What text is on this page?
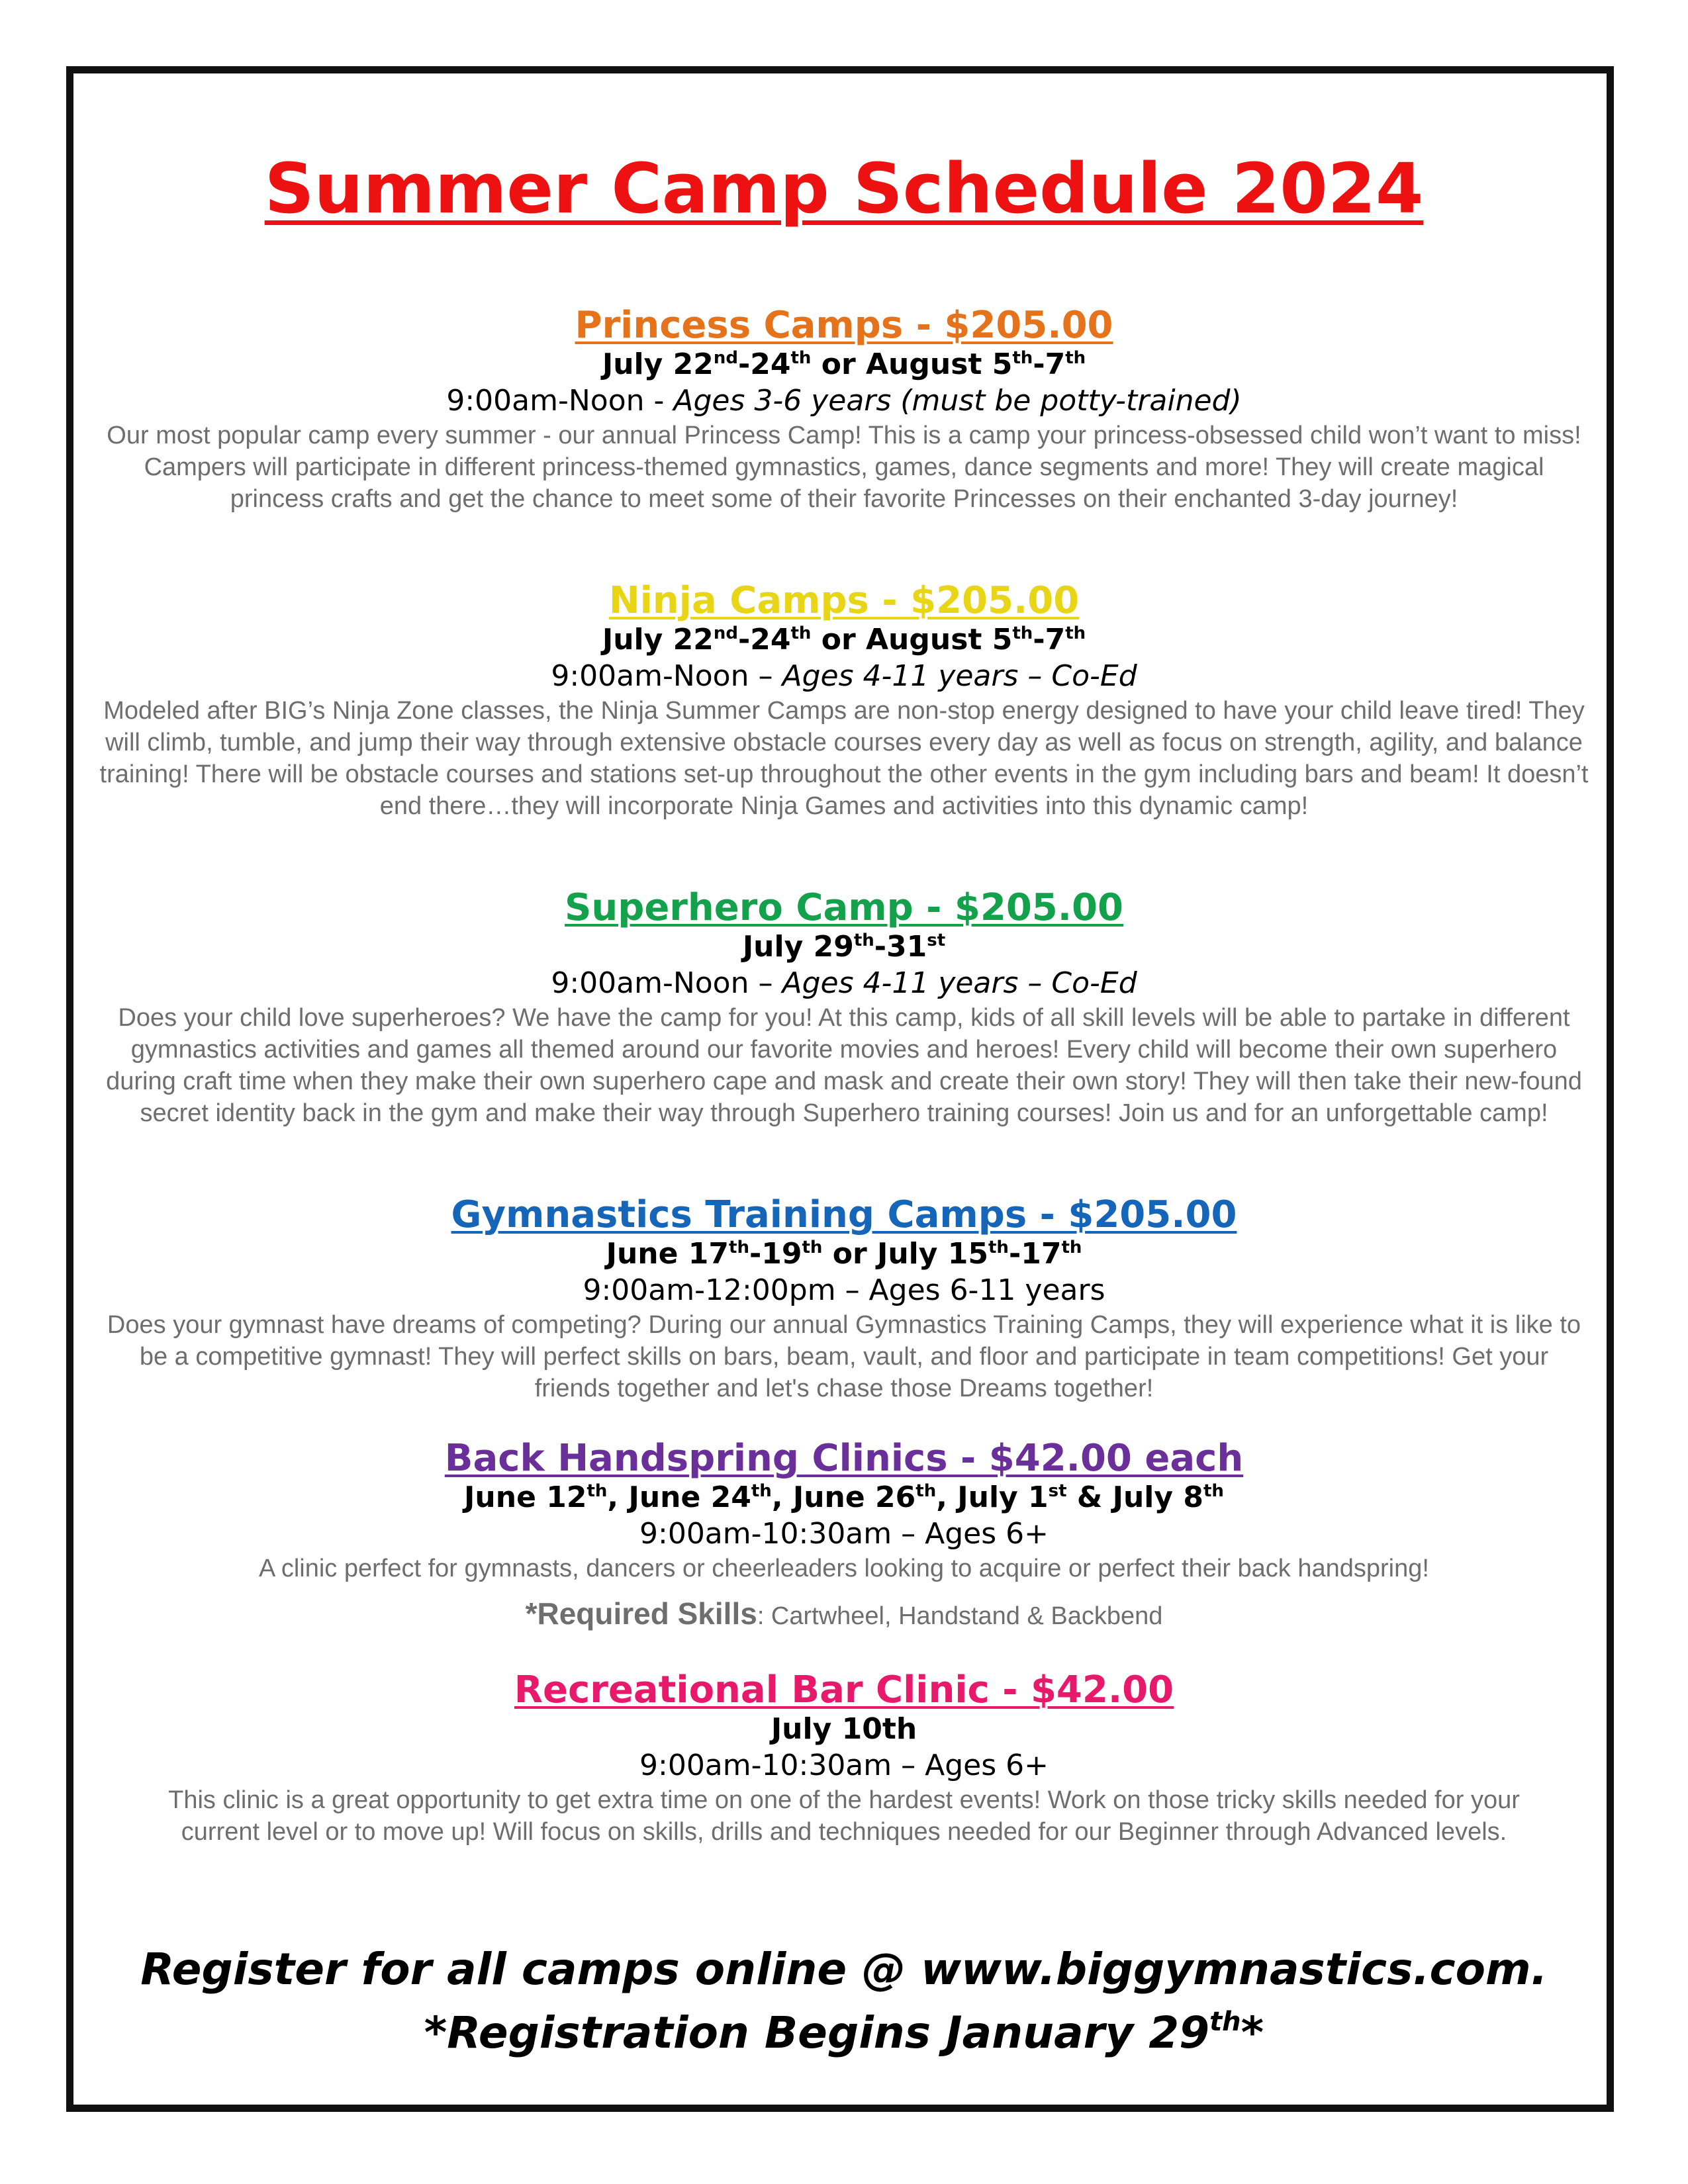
Summer Camp Schedule 2024
Princess Camps - $205.00
July 22nd-24th or August 5th-7th
9:00am-Noon - Ages 3-6 years (must be potty-trained)
Our most popular camp every summer - our annual Princess Camp! This is a camp your princess-obsessed child won’t want to miss! Campers will participate in different princess-themed gymnastics, games, dance segments and more! They will create magical princess crafts and get the chance to meet some of their favorite Princesses on their enchanted 3-day journey!
Ninja Camps - $205.00
July 22nd-24th or August 5th-7th
9:00am-Noon – Ages 4-11 years – Co-Ed
Modeled after BIG’s Ninja Zone classes, the Ninja Summer Camps are non-stop energy designed to have your child leave tired! They will climb, tumble, and jump their way through extensive obstacle courses every day as well as focus on strength, agility, and balance training! There will be obstacle courses and stations set-up throughout the other events in the gym including bars and beam! It doesn’t end there…they will incorporate Ninja Games and activities into this dynamic camp!
Superhero Camp - $205.00
July 29th-31st
9:00am-Noon – Ages 4-11 years – Co-Ed
Does your child love superheroes? We have the camp for you! At this camp, kids of all skill levels will be able to partake in different gymnastics activities and games all themed around our favorite movies and heroes! Every child will become their own superhero during craft time when they make their own superhero cape and mask and create their own story! They will then take their new-found secret identity back in the gym and make their way through Superhero training courses! Join us and for an unforgettable camp!
Gymnastics Training Camps - $205.00
June 17th-19th or July 15th-17th
9:00am-12:00pm – Ages 6-11 years
Does your gymnast have dreams of competing? During our annual Gymnastics Training Camps, they will experience what it is like to be a competitive gymnast! They will perfect skills on bars, beam, vault, and floor and participate in team competitions! Get your friends together and let's chase those Dreams together!
Back Handspring Clinics - $42.00 each
June 12th, June 24th, June 26th, July 1st & July 8th
9:00am-10:30am – Ages 6+
A clinic perfect for gymnasts, dancers or cheerleaders looking to acquire or perfect their back handspring!
*Required Skills: Cartwheel, Handstand & Backbend
Recreational Bar Clinic - $42.00
July 10th
9:00am-10:30am – Ages 6+
This clinic is a great opportunity to get extra time on one of the hardest events! Work on those tricky skills needed for your current level or to move up! Will focus on skills, drills and techniques needed for our Beginner through Advanced levels.
Register for all camps online @ www.biggymnastics.com.
*Registration Begins January 29th*
